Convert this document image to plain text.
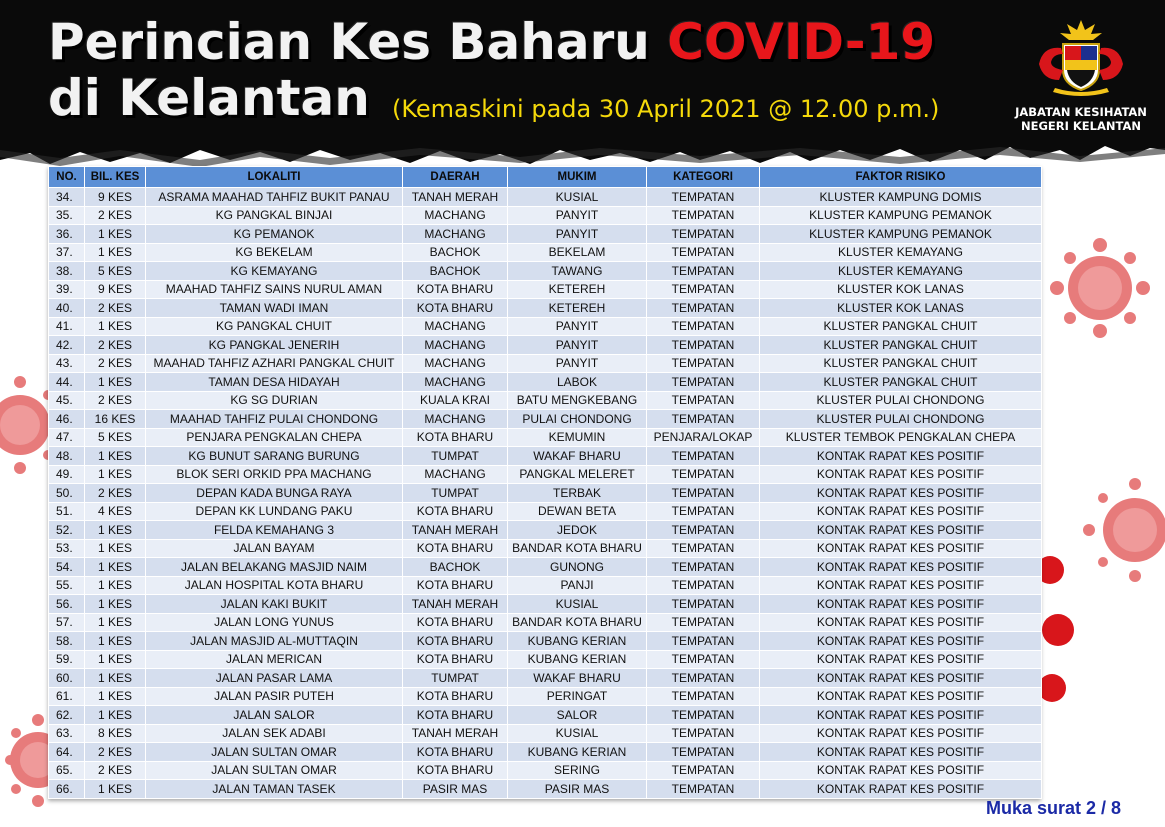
Perincian Kes Baharu COVID-19
di Kelantan (Kemaskini pada 30 April 2021 @ 12.00 p.m.)	JABATAN KESIHATAN
NEGERI KELANTAN
NO.	BIL. KES	LOKALITI	DAERAH	MUKIM	KATEGORI	FAKTOR RISIKO
34.	9 KES	ASRAMA MAAHAD TAHFIZ BUKIT PANAU	TANAH MERAH	KUSIAL	TEMPATAN	KLUSTER KAMPUNG DOMIS
35.	2 KES	KG PANGKAL BINJAI	MACHANG	PANYIT	TEMPATAN	KLUSTER KAMPUNG PEMANOK
36.	1 KES	KG PEMANOK	MACHANG	PANYIT	TEMPATAN	KLUSTER KAMPUNG PEMANOK
37.	1 KES	KG BEKELAM	BACHOK	BEKELAM	TEMPATAN	KLUSTER KEMAYANG
38.	5 KES	KG KEMAYANG	BACHOK	TAWANG	TEMPATAN	KLUSTER KEMAYANG
39.	9 KES	MAAHAD TAHFIZ SAINS NURUL AMAN	KOTA BHARU	KETEREH	TEMPATAN	KLUSTER KOK LANAS
40.	2 KES	TAMAN WADI IMAN	KOTA BHARU	KETEREH	TEMPATAN	KLUSTER KOK LANAS
41.	1 KES	KG PANGKAL CHUIT	MACHANG	PANYIT	TEMPATAN	KLUSTER PANGKAL CHUIT
42.	2 KES	KG PANGKAL JENERIH	MACHANG	PANYIT	TEMPATAN	KLUSTER PANGKAL CHUIT
43.	2 KES	MAAHAD TAHFIZ AZHARI PANGKAL CHUIT	MACHANG	PANYIT	TEMPATAN	KLUSTER PANGKAL CHUIT
44.	1 KES	TAMAN DESA HIDAYAH	MACHANG	LABOK	TEMPATAN	KLUSTER PANGKAL CHUIT
45.	2 KES	KG SG DURIAN	KUALA KRAI	BATU MENGKEBANG	TEMPATAN	KLUSTER PULAI CHONDONG
46.	16 KES	MAAHAD TAHFIZ PULAI CHONDONG	MACHANG	PULAI CHONDONG	TEMPATAN	KLUSTER PULAI CHONDONG
47.	5 KES	PENJARA PENGKALAN CHEPA	KOTA BHARU	KEMUMIN	PENJARA/LOKAP	KLUSTER TEMBOK PENGKALAN CHEPA
48.	1 KES	KG BUNUT SARANG BURUNG	TUMPAT	WAKAF BHARU	TEMPATAN	KONTAK RAPAT KES POSITIF
49.	1 KES	BLOK SERI ORKID PPA MACHANG	MACHANG	PANGKAL MELERET	TEMPATAN	KONTAK RAPAT KES POSITIF
50.	2 KES	DEPAN KADA BUNGA RAYA	TUMPAT	TERBAK	TEMPATAN	KONTAK RAPAT KES POSITIF
51.	4 KES	DEPAN KK LUNDANG PAKU	KOTA BHARU	DEWAN BETA	TEMPATAN	KONTAK RAPAT KES POSITIF
52.	1 KES	FELDA KEMAHANG 3	TANAH MERAH	JEDOK	TEMPATAN	KONTAK RAPAT KES POSITIF
53.	1 KES	JALAN BAYAM	KOTA BHARU	BANDAR KOTA BHARU	TEMPATAN	KONTAK RAPAT KES POSITIF
54.	1 KES	JALAN BELAKANG MASJID NAIM	BACHOK	GUNONG	TEMPATAN	KONTAK RAPAT KES POSITIF
55.	1 KES	JALAN HOSPITAL KOTA BHARU	KOTA BHARU	PANJI	TEMPATAN	KONTAK RAPAT KES POSITIF
56.	1 KES	JALAN KAKI BUKIT	TANAH MERAH	KUSIAL	TEMPATAN	KONTAK RAPAT KES POSITIF
57.	1 KES	JALAN LONG YUNUS	KOTA BHARU	BANDAR KOTA BHARU	TEMPATAN	KONTAK RAPAT KES POSITIF
58.	1 KES	JALAN MASJID AL-MUTTAQIN	KOTA BHARU	KUBANG KERIAN	TEMPATAN	KONTAK RAPAT KES POSITIF
59.	1 KES	JALAN MERICAN	KOTA BHARU	KUBANG KERIAN	TEMPATAN	KONTAK RAPAT KES POSITIF
60.	1 KES	JALAN PASAR LAMA	TUMPAT	WAKAF BHARU	TEMPATAN	KONTAK RAPAT KES POSITIF
61.	1 KES	JALAN PASIR PUTEH	KOTA BHARU	PERINGAT	TEMPATAN	KONTAK RAPAT KES POSITIF
62.	1 KES	JALAN SALOR	KOTA BHARU	SALOR	TEMPATAN	KONTAK RAPAT KES POSITIF
63.	8 KES	JALAN SEK ADABI	TANAH MERAH	KUSIAL	TEMPATAN	KONTAK RAPAT KES POSITIF
64.	2 KES	JALAN SULTAN OMAR	KOTA BHARU	KUBANG KERIAN	TEMPATAN	KONTAK RAPAT KES POSITIF
65.	2 KES	JALAN SULTAN OMAR	KOTA BHARU	SERING	TEMPATAN	KONTAK RAPAT KES POSITIF
66.	1 KES	JALAN TAMAN TASEK	PASIR MAS	PASIR MAS	TEMPATAN	KONTAK RAPAT KES POSITIF
Muka surat 2 / 8
